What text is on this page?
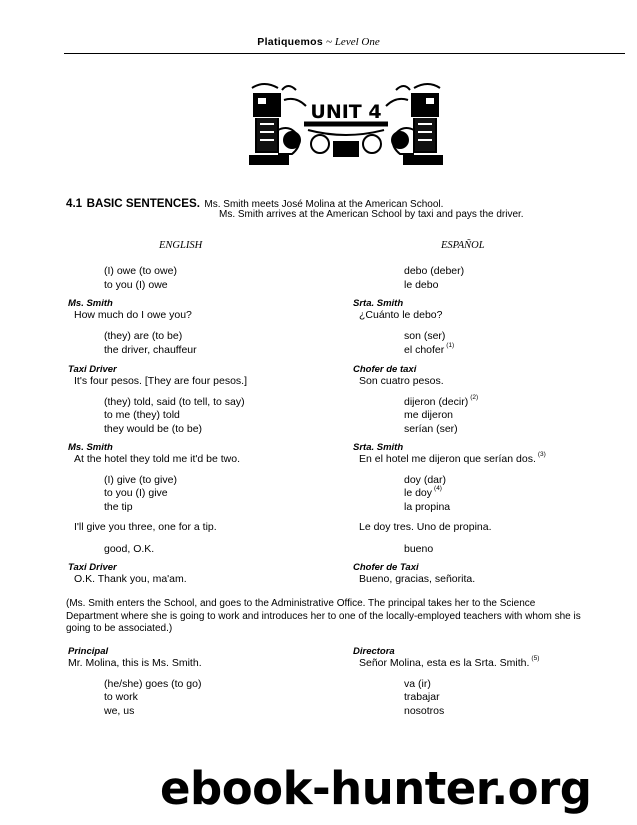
Platiquemos ~ Level One
UNIT 4
4.1 BASIC SENTENCES. Ms. Smith meets José Molina at the American School.
Ms. Smith arrives at the American School by taxi and pays the driver.
ENGLISH	ESPAÑOL
(I) owe (to owe)	debo (deber)
to you (I) owe	le debo
Ms. Smith	Srta. Smith
How much do I owe you?	¿Cuánto le debo?
(they) are (to be)	son (ser)
the driver, chauffeur	el chofer $^{(1)}$
Taxi Driver	Chofer de taxi
It's four pesos. [They are four pesos.]	Son cuatro pesos.
(they) told, said (to tell, to say)	dijeron (decir) $^{(2)}$
to me (they) told	me dijeron
they would be (to be)	serían (ser)
Ms. Smith	Srta. Smith
At the hotel they told me it'd be two.	En el hotel me dijeron que serían dos. $^{(3)}$
(I) give (to give)	doy (dar)
to you (I) give	le doy $^{(4)}$
the tip	la propina
I'll give you three, one for a tip.	Le doy tres. Uno de propina.
good, O.K.	bueno
Taxi Driver	Chofer de Taxi
O.K. Thank you, ma'am.	Bueno, gracias, señorita.
(Ms. Smith enters the School, and goes to the Administrative Office. The principal takes her to the Science Department where she is going to work and introduces her to one of the locally-employed teachers with whom she is going to be associated.)
Principal	Directora
Mr. Molina, this is Ms. Smith.	Señor Molina, esta es la Srta. Smith. $^{(5)}$
(he/she) goes (to go)	va (ir)
to work	trabajar
we, us	nosotros
ebook-hunter.org
